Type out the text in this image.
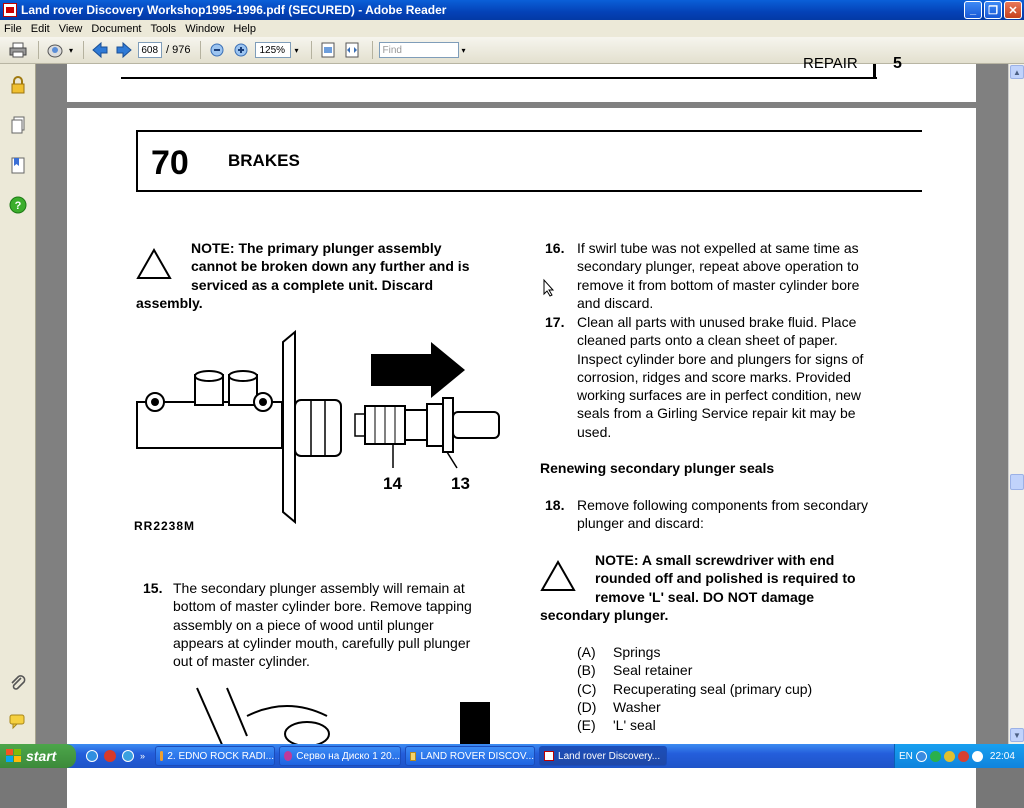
Land rover Discovery Workshop1995-1996.pdf (SECURED) - Adobe Reader	_	❐ ✕
File Edit View Document Tools Window Help
▾	608 / 976	125%	▾	Find	▾
?
REPAIR 5
70 BRAKES
NOTE: The primary plunger assembly
cannot be broken down any further and is
serviced as a complete unit. Discard
assembly.
14	13
RR2238M
15. The secondary plunger assembly will remain at
bottom of master cylinder bore. Remove tapping
assembly on a piece of wood until plunger
appears at cylinder mouth, carefully pull plunger
out of master cylinder.
16. If swirl tube was not expelled at same time as
secondary plunger, repeat above operation to
remove it from bottom of master cylinder bore
and discard.
17. Clean all parts with unused brake fluid. Place
cleaned parts onto a clean sheet of paper.
Inspect cylinder bore and plungers for signs of
corrosion, ridges and score marks. Provided
working surfaces are in perfect condition, new
seals from a Girling Service repair kit may be
used.
Renewing secondary plunger seals
18. Remove following components from secondary
plunger and discard:
NOTE: A small screwdriver with end
rounded off and polished is required to
remove 'L' seal. DO NOT damage
secondary plunger.
(A) Springs
(B) Seal retainer
(C) Recuperating seal (primary cup)
(D) Washer
(E) 'L' seal
▲
▼
start	» 2. EDNO ROCK RADI... Серво на Диско 1 20... LAND ROVER DISCOV... Land rover Discovery...	EN	22:04
